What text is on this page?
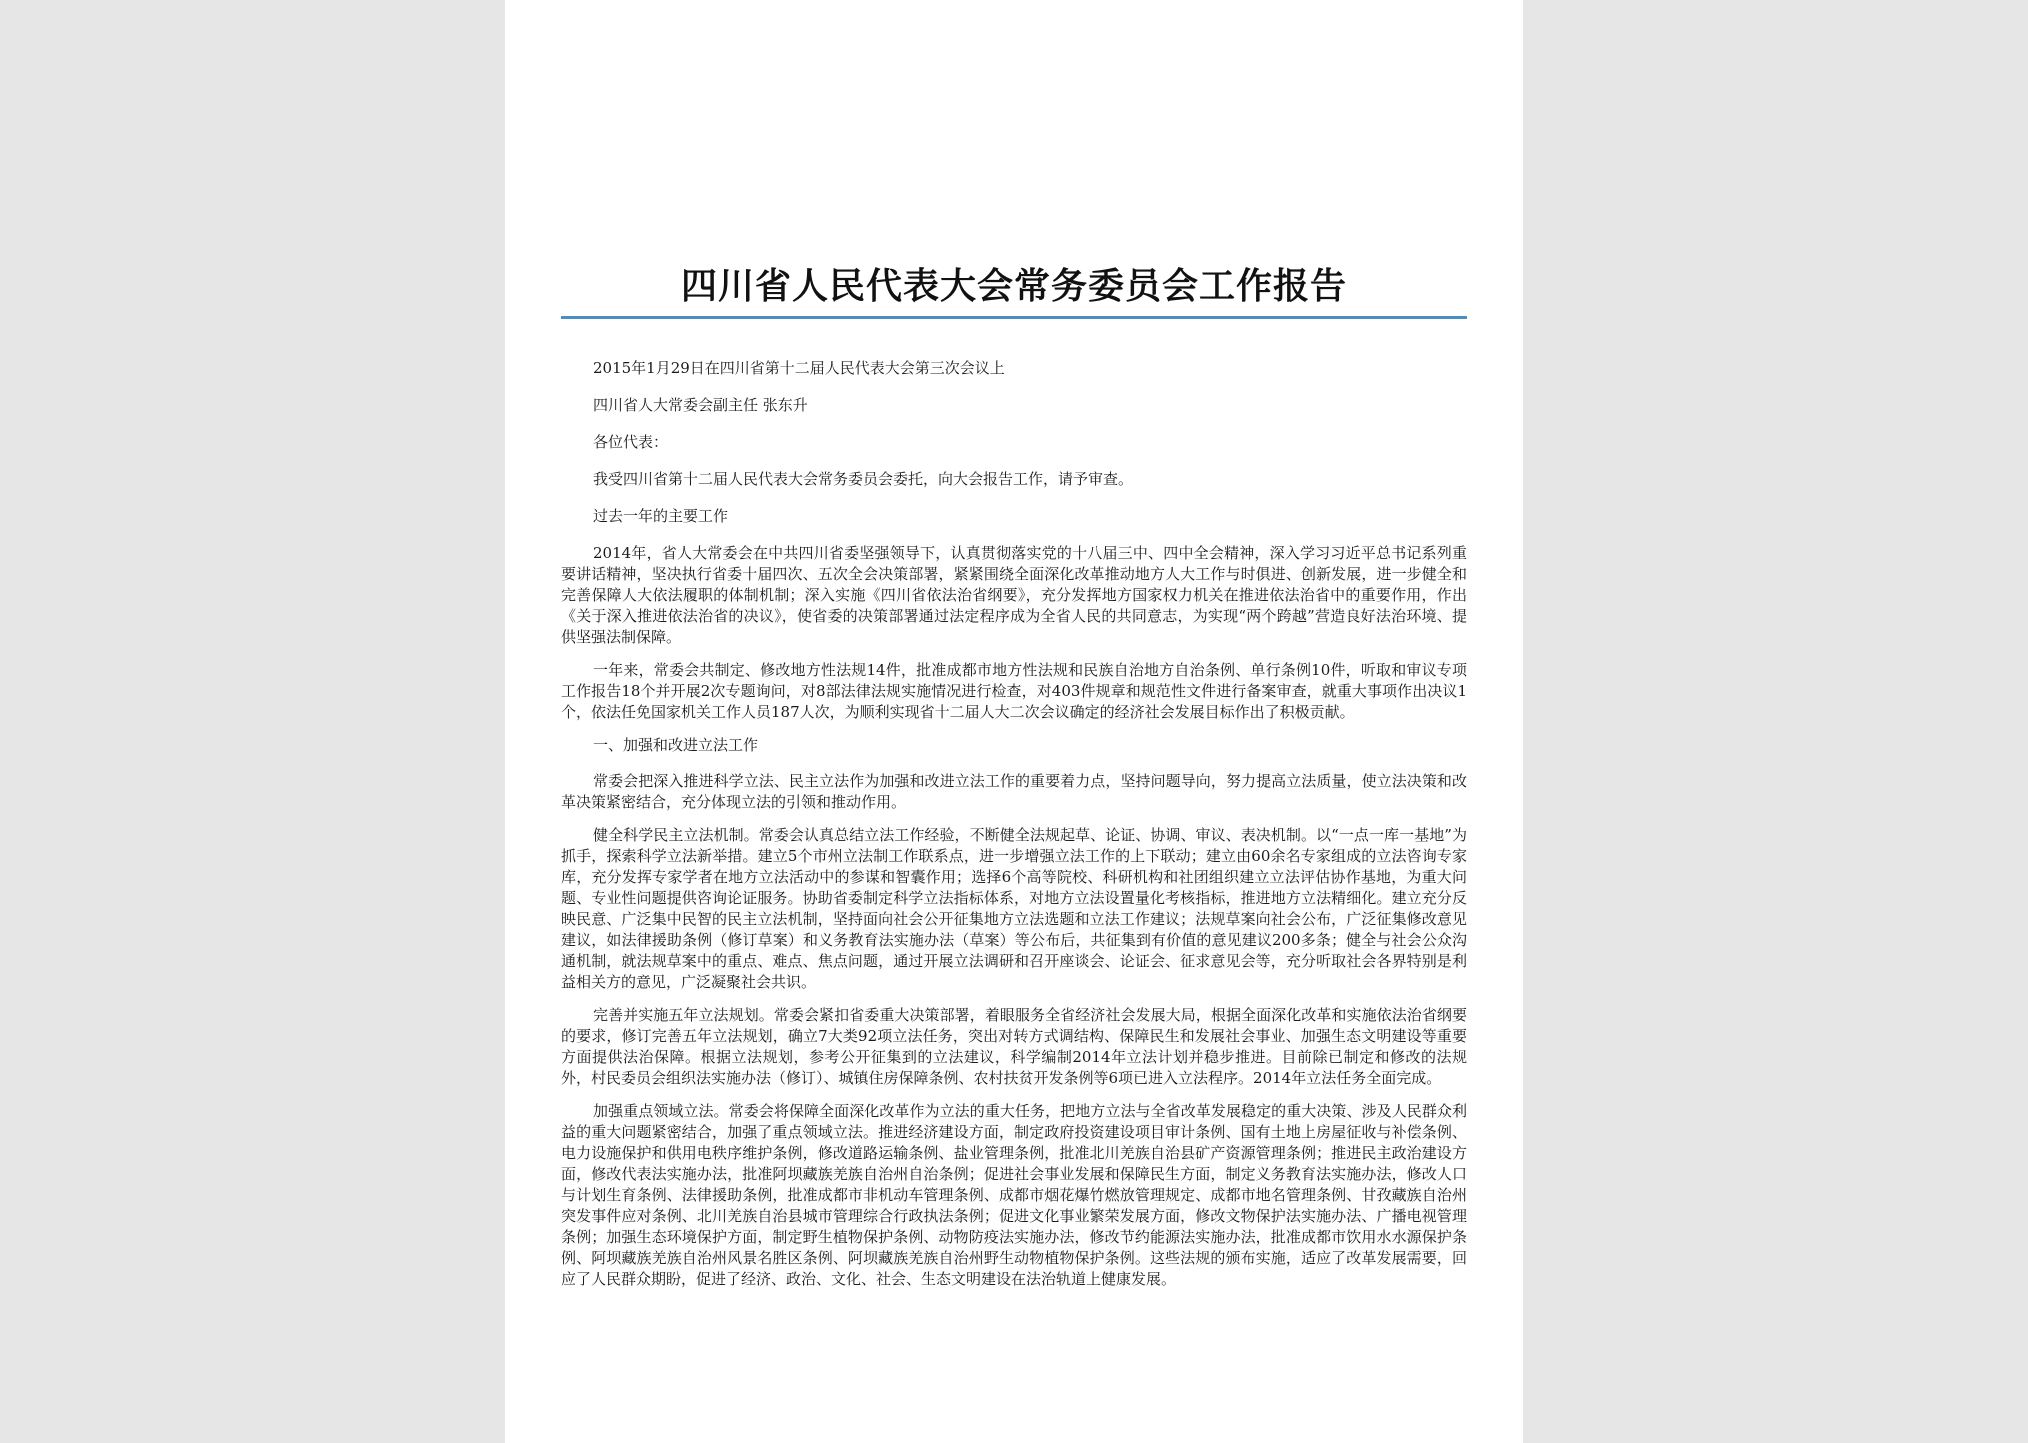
四川省人民代表大会常务委员会工作报告

2015年1月29日在四川省第十二届人民代表大会第三次会议上

四川省人大常委会副主任 张东升

各位代表：

我受四川省第十二届人民代表大会常务委员会委托，向大会报告工作，请予审查。

过去一年的主要工作

2014年，省人大常委会在中共四川省委坚强领导下，认真贯彻落实党的十八届三中、四中全会精神，深入学习习近平总书记系列重要讲话精神，坚决执行省委十届四次、五次全会决策部署，紧紧围绕全面深化改革推动地方人大工作与时俱进、创新发展，进一步健全和完善保障人大依法履职的体制机制；深入实施《四川省依法治省纲要》，充分发挥地方国家权力机关在推进依法治省中的重要作用，作出《关于深入推进依法治省的决议》，使省委的决策部署通过法定程序成为全省人民的共同意志，为实现“两个跨越”营造良好法治环境、提供坚强法制保障。

一年来，常委会共制定、修改地方性法规14件，批准成都市地方性法规和民族自治地方自治条例、单行条例10件，听取和审议专项工作报告18个并开展2次专题询问，对8部法律法规实施情况进行检查，对403件规章和规范性文件进行备案审查，就重大事项作出决议1个，依法任免国家机关工作人员187人次，为顺利实现省十二届人大二次会议确定的经济社会发展目标作出了积极贡献。

一、加强和改进立法工作

常委会把深入推进科学立法、民主立法作为加强和改进立法工作的重要着力点，坚持问题导向，努力提高立法质量，使立法决策和改革决策紧密结合，充分体现立法的引领和推动作用。

健全科学民主立法机制。常委会认真总结立法工作经验，不断健全法规起草、论证、协调、审议、表决机制。以“一点一库一基地”为抓手，探索科学立法新举措。建立5个市州立法制工作联系点，进一步增强立法工作的上下联动；建立由60余名专家组成的立法咨询专家库，充分发挥专家学者在地方立法活动中的参谋和智囊作用；选择6个高等院校、科研机构和社团组织建立立法评估协作基地，为重大问题、专业性问题提供咨询论证服务。协助省委制定科学立法指标体系，对地方立法设置量化考核指标，推进地方立法精细化。建立充分反映民意、广泛集中民智的民主立法机制，坚持面向社会公开征集地方立法选题和立法工作建议；法规草案向社会公布，广泛征集修改意见建议，如法律援助条例（修订草案）和义务教育法实施办法（草案）等公布后，共征集到有价值的意见建议200多条；健全与社会公众沟通机制，就法规草案中的重点、难点、焦点问题，通过开展立法调研和召开座谈会、论证会、征求意见会等，充分听取社会各界特别是利益相关方的意见，广泛凝聚社会共识。

完善并实施五年立法规划。常委会紧扣省委重大决策部署，着眼服务全省经济社会发展大局，根据全面深化改革和实施依法治省纲要的要求，修订完善五年立法规划，确立7大类92项立法任务，突出对转方式调结构、保障民生和发展社会事业、加强生态文明建设等重要方面提供法治保障。根据立法规划，参考公开征集到的立法建议，科学编制2014年立法计划并稳步推进。目前除已制定和修改的法规外，村民委员会组织法实施办法（修订）、城镇住房保障条例、农村扶贫开发条例等6项已进入立法程序。2014年立法任务全面完成。

加强重点领域立法。常委会将保障全面深化改革作为立法的重大任务，把地方立法与全省改革发展稳定的重大决策、涉及人民群众利益的重大问题紧密结合，加强了重点领域立法。推进经济建设方面，制定政府投资建设项目审计条例、国有土地上房屋征收与补偿条例、电力设施保护和供用电秩序维护条例，修改道路运输条例、盐业管理条例，批准北川羌族自治县矿产资源管理条例；推进民主政治建设方面，修改代表法实施办法，批准阿坝藏族羌族自治州自治条例；促进社会事业发展和保障民生方面，制定义务教育法实施办法，修改人口与计划生育条例、法律援助条例，批准成都市非机动车管理条例、成都市烟花爆竹燃放管理规定、成都市地名管理条例、甘孜藏族自治州突发事件应对条例、北川羌族自治县城市管理综合行政执法条例；促进文化事业繁荣发展方面，修改文物保护法实施办法、广播电视管理条例；加强生态环境保护方面，制定野生植物保护条例、动物防疫法实施办法，修改节约能源法实施办法，批准成都市饮用水水源保护条例、阿坝藏族羌族自治州风景名胜区条例、阿坝藏族羌族自治州野生动物植物保护条例。这些法规的颁布实施，适应了改革发展需要，回应了人民群众期盼，促进了经济、政治、文化、社会、生态文明建设在法治轨道上健康发展。
